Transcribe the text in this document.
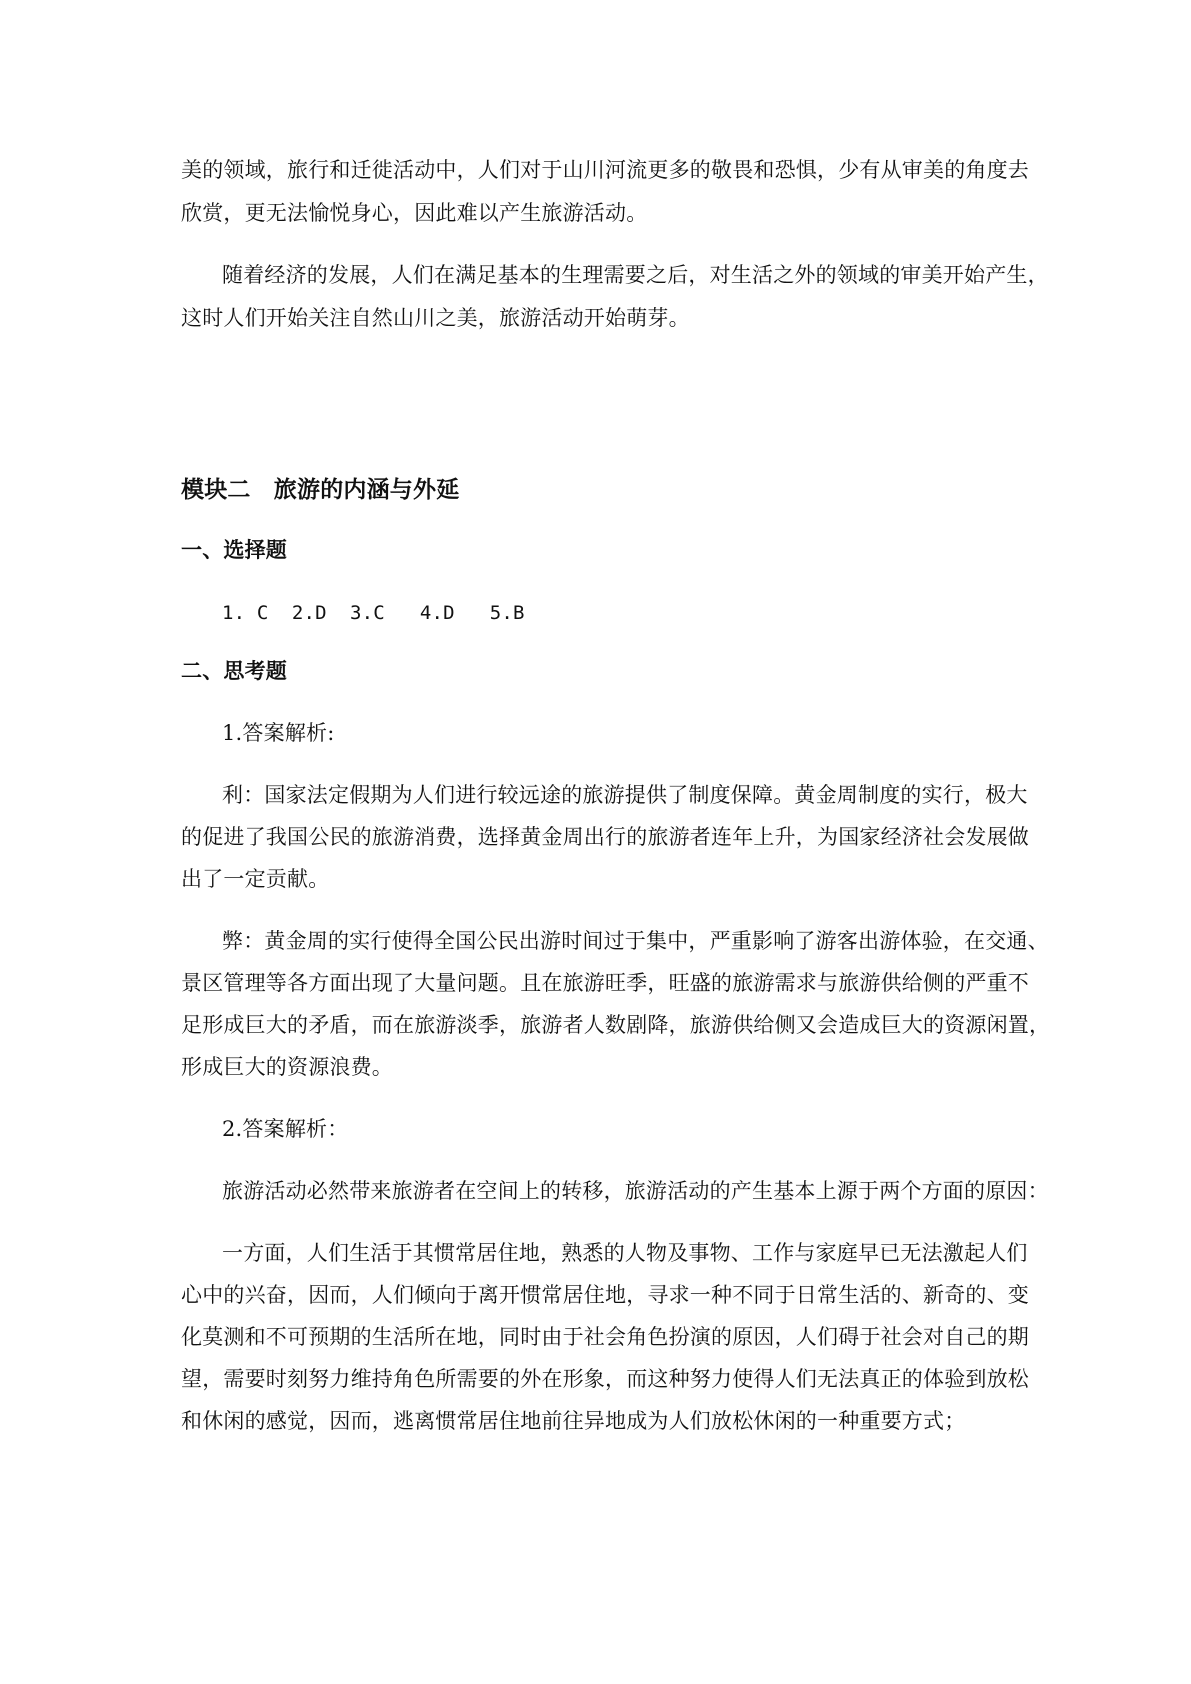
美的领域，旅行和迁徙活动中，人们对于山川河流更多的敬畏和恐惧，少有从审美的角度去
欣赏，更无法愉悦身心，因此难以产生旅游活动。
随着经济的发展，人们在满足基本的生理需要之后，对生活之外的领域的审美开始产生，
这时人们开始关注自然山川之美，旅游活动开始萌芽。
模块二　旅游的内涵与外延
一、选择题
1. C  2.D  3.C   4.D   5.B
二、思考题
1.答案解析:
利：国家法定假期为人们进行较远途的旅游提供了制度保障。黄金周制度的实行，极大
的促进了我国公民的旅游消费，选择黄金周出行的旅游者连年上升，为国家经济社会发展做
出了一定贡献。
弊：黄金周的实行使得全国公民出游时间过于集中，严重影响了游客出游体验，在交通、
景区管理等各方面出现了大量问题。且在旅游旺季，旺盛的旅游需求与旅游供给侧的严重不
足形成巨大的矛盾，而在旅游淡季，旅游者人数剧降，旅游供给侧又会造成巨大的资源闲置，
形成巨大的资源浪费。
2.答案解析：
旅游活动必然带来旅游者在空间上的转移，旅游活动的产生基本上源于两个方面的原因：
一方面，人们生活于其惯常居住地，熟悉的人物及事物、工作与家庭早已无法激起人们
心中的兴奋，因而，人们倾向于离开惯常居住地，寻求一种不同于日常生活的、新奇的、变
化莫测和不可预期的生活所在地，同时由于社会角色扮演的原因，人们碍于社会对自己的期
望，需要时刻努力维持角色所需要的外在形象，而这种努力使得人们无法真正的体验到放松
和休闲的感觉，因而，逃离惯常居住地前往异地成为人们放松休闲的一种重要方式；
